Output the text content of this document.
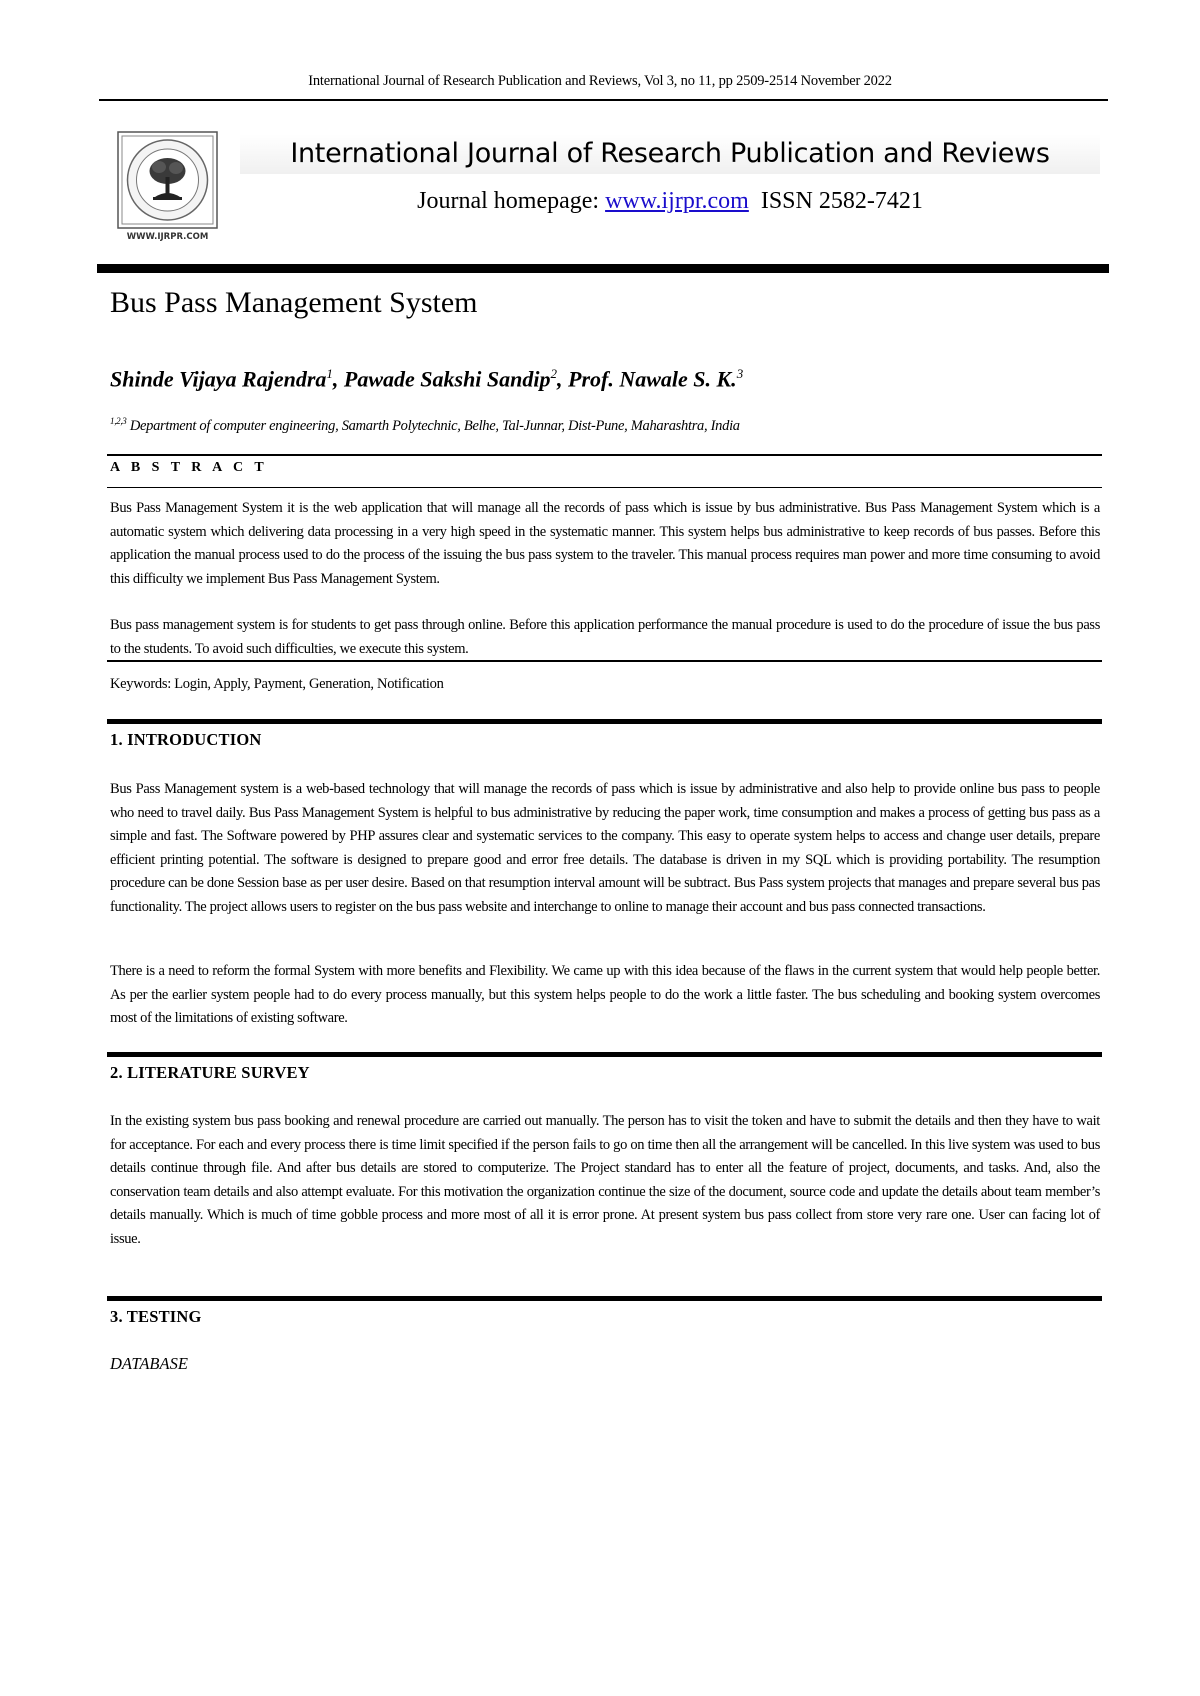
International Journal of Research Publication and Reviews, Vol 3, no 11, pp 2509-2514 November 2022
WWW.IJRPR.COM
International Journal of Research Publication and Reviews
Journal homepage: www.ijrpr.com ISSN 2582-7421
Bus Pass Management System
Shinde Vijaya Rajendra$^1$, Pawade Sakshi Sandip$^2$, Prof. Nawale S. K.$^3$
$^{1,2,3}$ Department of computer engineering, Samarth Polytechnic, Belhe, Tal-Junnar, Dist-Pune, Maharashtra, India
A B S T R A C T

Bus Pass Management System it is the web application that will manage all the records of pass which is issue by bus administrative. Bus Pass Management System which is a automatic system which delivering data processing in a very high speed in the systematic manner. This system helps bus administrative to keep records of bus passes. Before this application the manual process used to do the process of the issuing the bus pass system to the traveler. This manual process requires man power and more time consuming to avoid this difficulty we implement Bus Pass Management System.

Bus pass management system is for students to get pass through online. Before this application performance the manual procedure is used to do the procedure of issue the bus pass to the students. To avoid such difficulties, we execute this system.

Keywords: Login, Apply, Payment, Generation, Notification
1. INTRODUCTION

Bus Pass Management system is a web-based technology that will manage the records of pass which is issue by administrative and also help to provide online bus pass to people who need to travel daily. Bus Pass Management System is helpful to bus administrative by reducing the paper work, time consumption and makes a process of getting bus pass as a simple and fast. The Software powered by PHP assures clear and systematic services to the company. This easy to operate system helps to access and change user details, prepare efficient printing potential. The software is designed to prepare good and error free details. The database is driven in my SQL which is providing portability. The resumption procedure can be done Session base as per user desire. Based on that resumption interval amount will be subtract. Bus Pass system projects that manages and prepare several bus pas functionality. The project allows users to register on the bus pass website and interchange to online to manage their account and bus pass connected transactions.

There is a need to reform the formal System with more benefits and Flexibility. We came up with this idea because of the flaws in the current system that would help people better. As per the earlier system people had to do every process manually, but this system helps people to do the work a little faster. The bus scheduling and booking system overcomes most of the limitations of existing software.

2. LITERATURE SURVEY

In the existing system bus pass booking and renewal procedure are carried out manually. The person has to visit the token and have to submit the details and then they have to wait for acceptance. For each and every process there is time limit specified if the person fails to go on time then all the arrangement will be cancelled. In this live system was used to bus details continue through file. And after bus details are stored to computerize. The Project standard has to enter all the feature of project, documents, and tasks. And, also the conservation team details and also attempt evaluate. For this motivation the organization continue the size of the document, source code and update the details about team member’s details manually. Which is much of time gobble process and more most of all it is error prone. At present system bus pass collect from store very rare one. User can facing lot of issue.

3. TESTING
DATABASE
